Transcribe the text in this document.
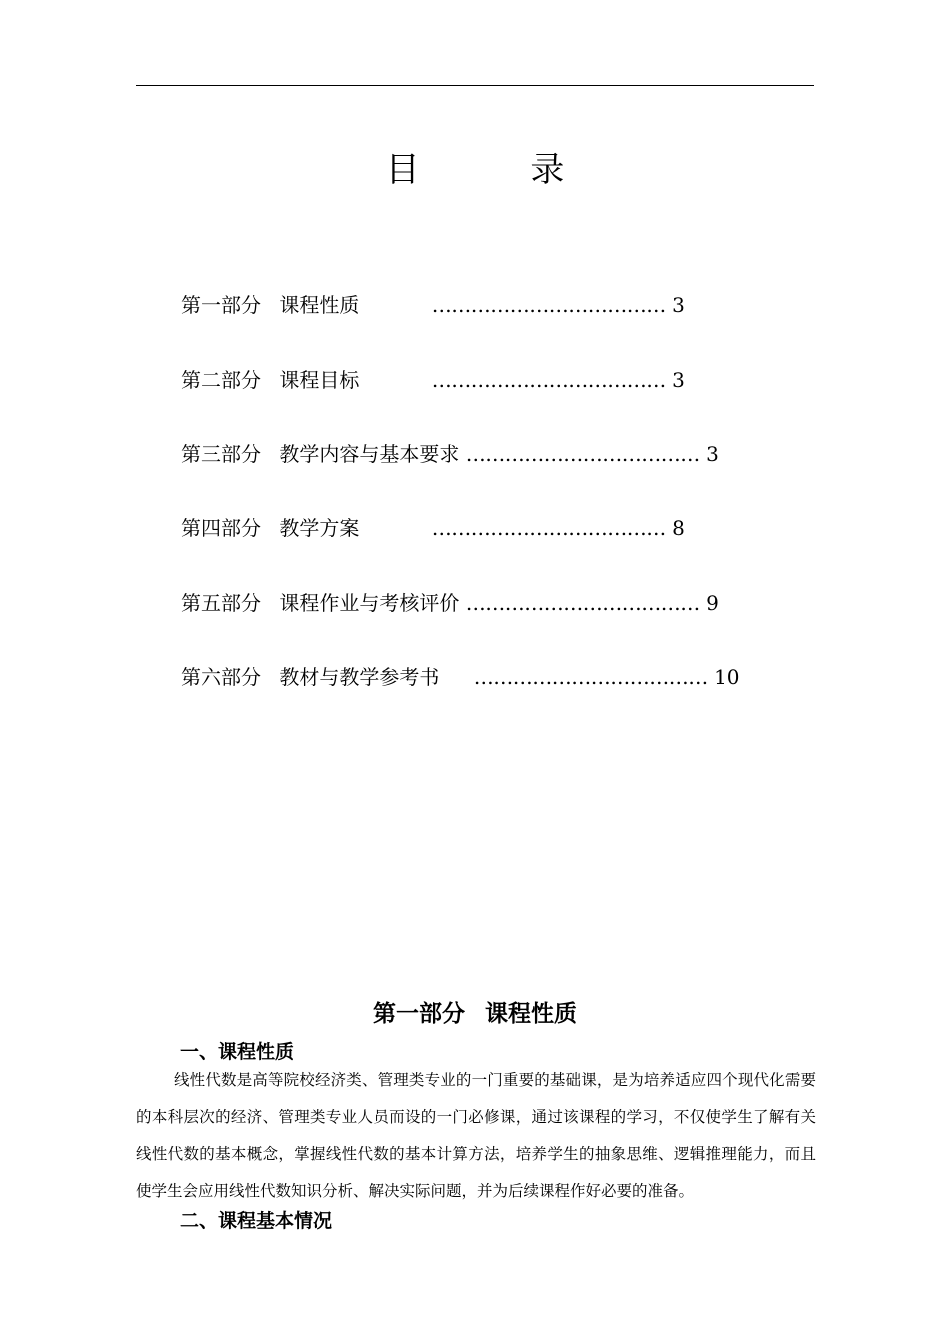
目 录
第一部分 课程性质	……………………………… 3
第二部分 课程目标	……………………………… 3
第三部分 教学内容与基本要求 ……………………………… 3
第四部分 教学方案	……………………………… 8
第五部分 课程作业与考核评价 ……………………………… 9
第六部分 教材与教学参考书 ……………………………… 10
第一部分 课程性质
一、课程性质
线性代数是高等院校经济类、管理类专业的一门重要的基础课，是为培养适应四个现代化需要的本科层次的经济、管理类专业人员而设的一门必修课，通过该课程的学习，不仅使学生了解有关线性代数的基本概念，掌握线性代数的基本计算方法，培养学生的抽象思维、逻辑推理能力，而且使学生会应用线性代数知识分析、解决实际问题，并为后续课程作好必要的准备。
二、课程基本情况
